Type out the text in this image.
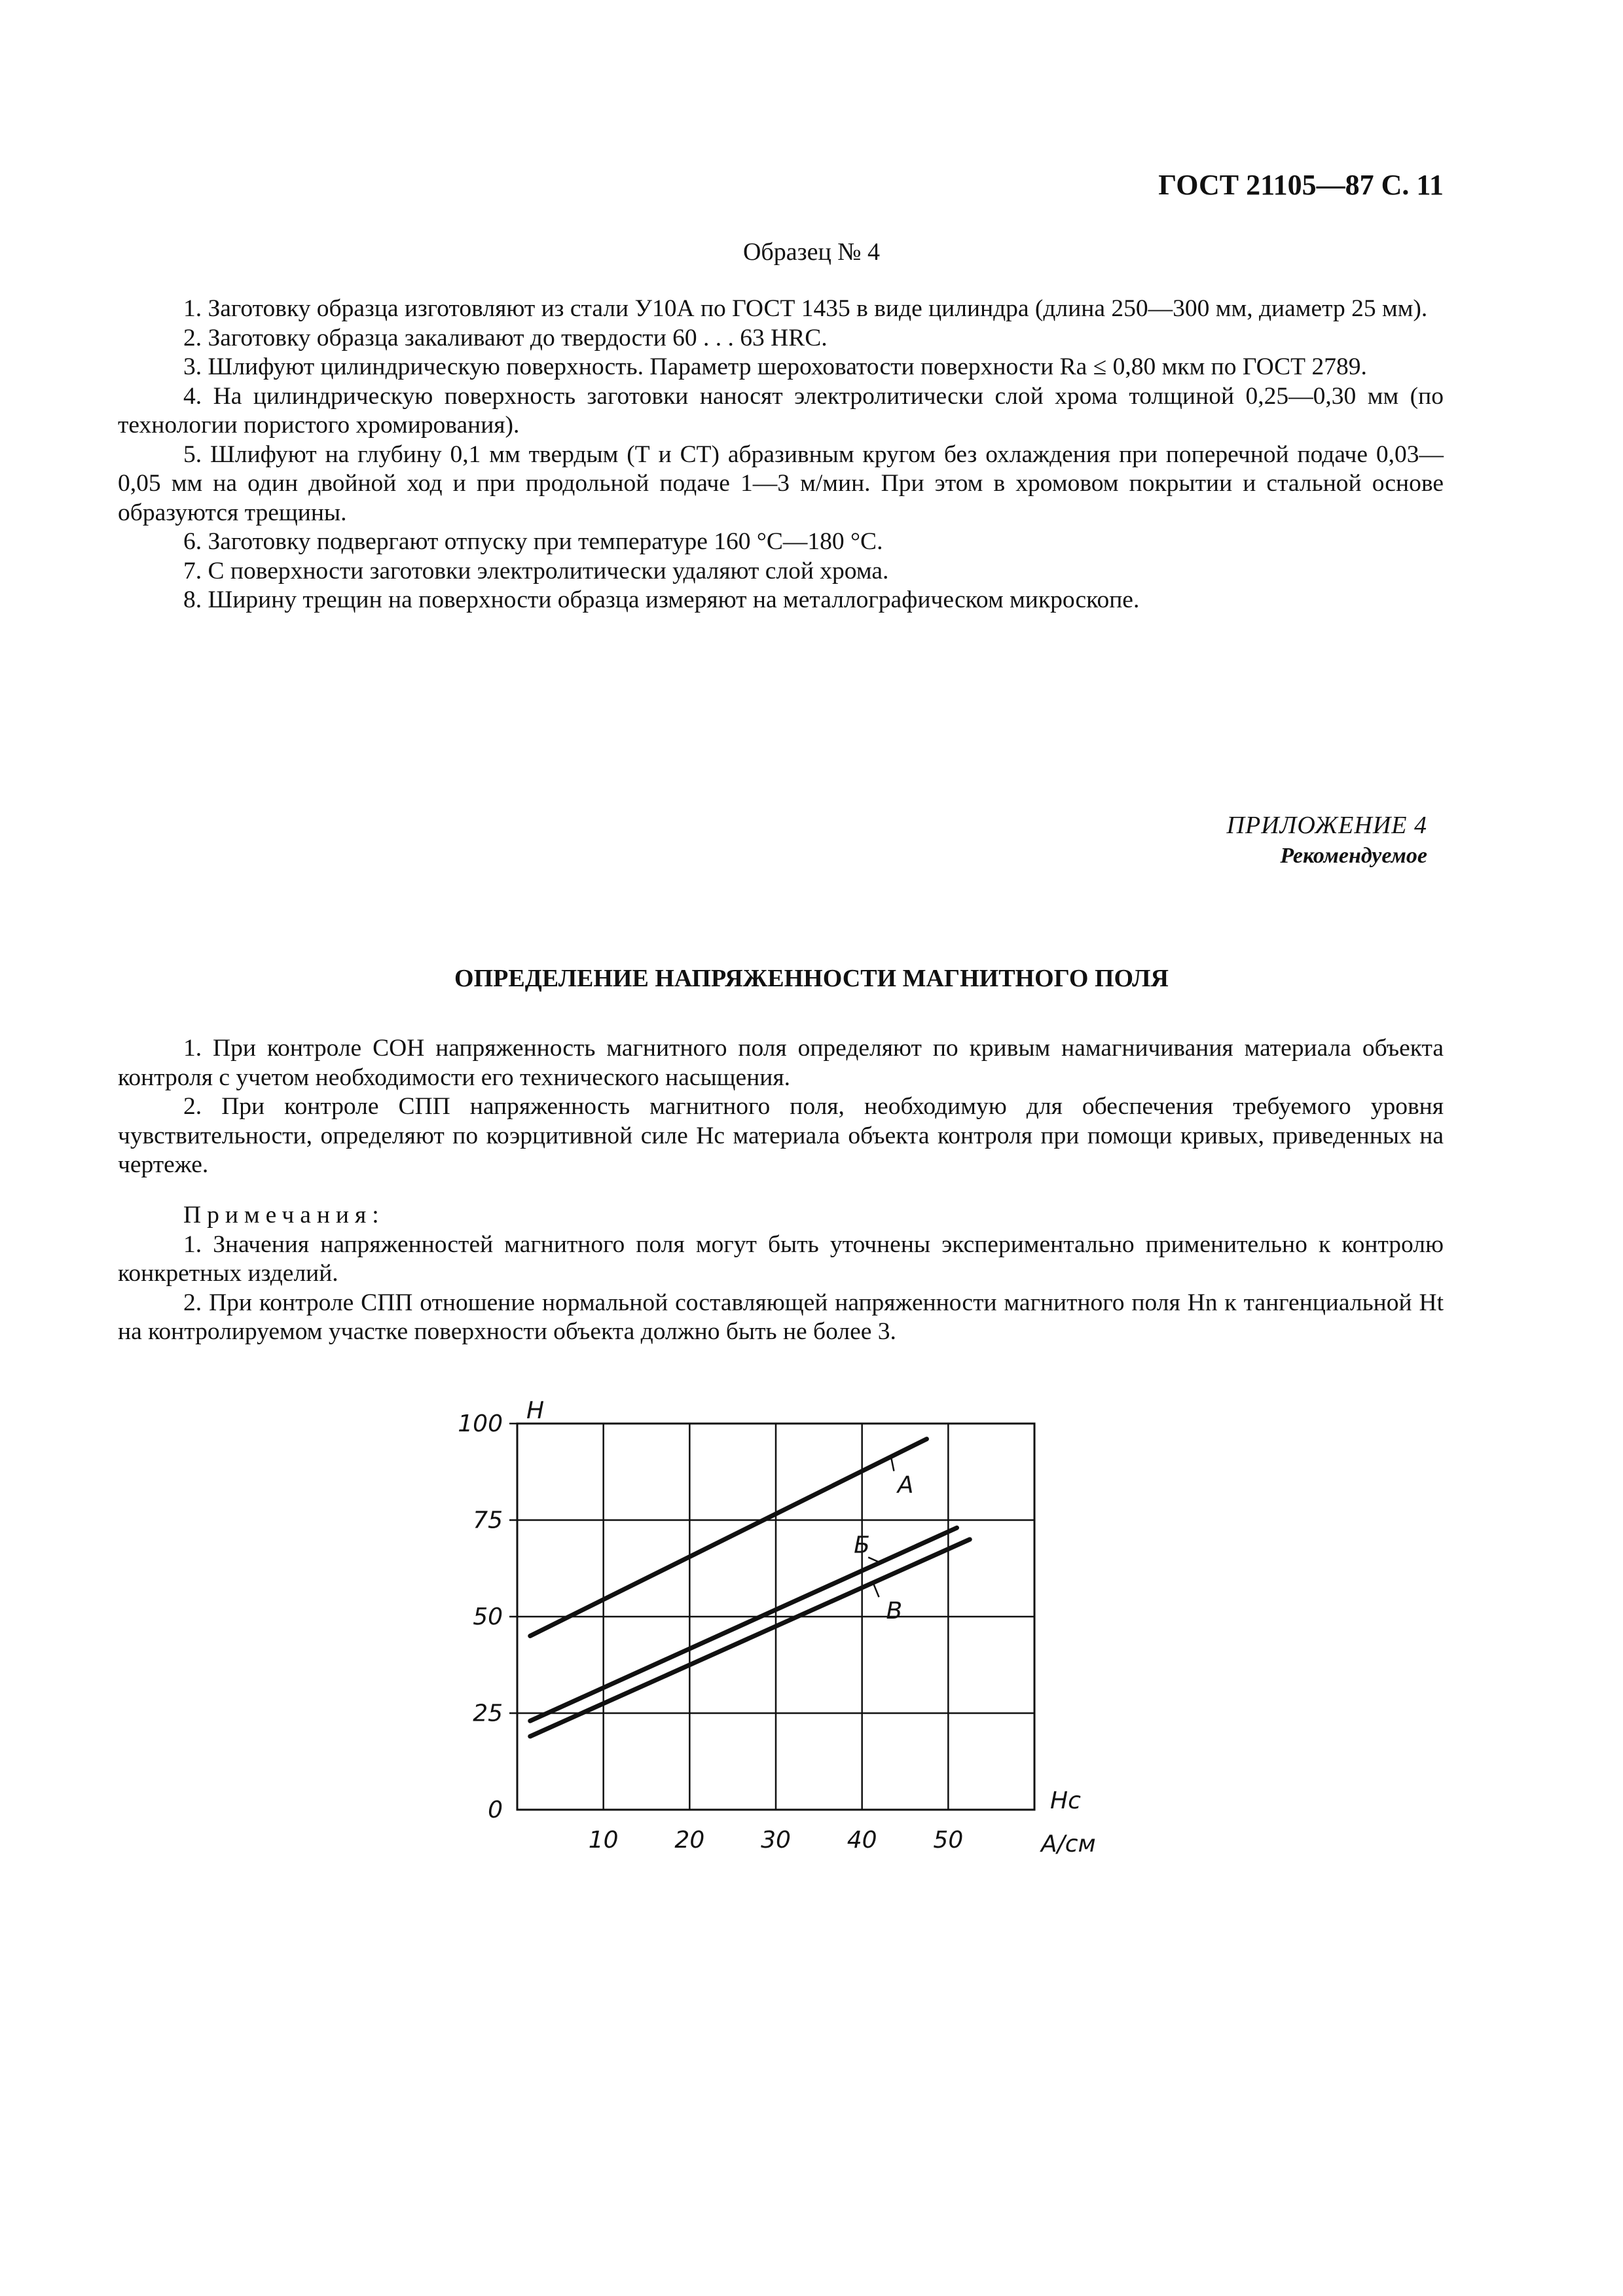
ГОСТ 21105—87 С. 11
Образец № 4

1. Заготовку образца изготовляют из стали У10А по ГОСТ 1435 в виде цилиндра (длина 250—300 мм, диаметр 25 мм).

2. Заготовку образца закаливают до твердости 60 . . . 63 HRC.

3. Шлифуют цилиндрическую поверхность. Параметр шероховатости поверхности Ra ≤ 0,80 мкм по ГОСТ 2789.

4. На цилиндрическую поверхность заготовки наносят электролитически слой хрома толщиной 0,25—0,30 мм (по технологии пористого хромирования).

5. Шлифуют на глубину 0,1 мм твердым (Т и СТ) абразивным кругом без охлаждения при поперечной подаче 0,03—0,05 мм на один двойной ход и при продольной подаче 1—3 м/мин. При этом в хромовом покрытии и стальной основе образуются трещины.

6. Заготовку подвергают отпуску при температуре 160 °С—180 °С.

7. С поверхности заготовки электролитически удаляют слой хрома.

8. Ширину трещин на поверхности образца измеряют на металлографическом микроскопе.

ПРИЛОЖЕНИЕ 4
Рекомендуемое
ОПРЕДЕЛЕНИЕ НАПРЯЖЕННОСТИ МАГНИТНОГО ПОЛЯ

1. При контроле СОН напряженность магнитного поля определяют по кривым намагничивания материала объекта контроля с учетом необходимости его технического насыщения.

2. При контроле СПП напряженность магнитного поля, необходимую для обеспечения требуемого уровня чувствительности, определяют по коэрцитивной силе Hc материала объекта контроля при помощи кривых, приведенных на чертеже.

Примечания:

1. Значения напряженностей магнитного поля могут быть уточнены экспериментально применительно к контролю конкретных изделий.

2. При контроле СПП отношение нормальной составляющей напряженности магнитного поля Hn к тангенциальной Ht на контролируемом участке поверхности объекта должно быть не более 3.

0
25
50
75
100
10 20 30 40 50
Н
Hc
А/см
А
Б
В
